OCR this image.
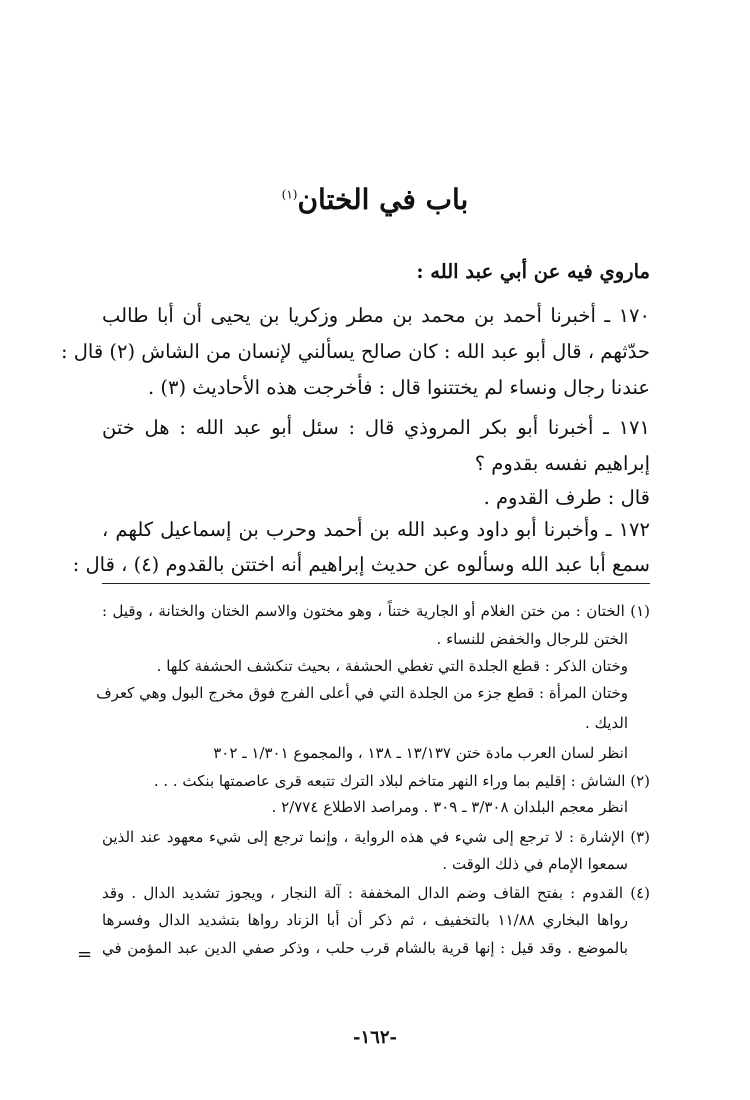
باب في الختان$^{(١)}$
ماروي فيه عن أبي عبد الله :
١٧٠ ـ أخبرنا أحمد بن محمد بن مطر وزكريا بن يحيى أن أبا طالب
حدّثهم ، قال أبو عبد الله : كان صالح يسألني لإنسان من الشاش (٢) قال :
عندنا رجال ونساء لم يختتنوا قال : فأخرجت هذه الأحاديث (٣) .
١٧١ ـ أخبرنا أبو بكر المروذي قال : سئل أبو عبد الله : هل ختن
إبراهيم نفسه بقدوم ؟
قال : طرف القدوم .
١٧٢ ـ وأخبرنا أبو داود وعبد الله بن أحمد وحرب بن إسماعيل كلهم ،
سمع أبا عبد الله وسألوه عن حديث إبراهيم أنه اختتن بالقدوم (٤) ، قال :
(١) الختان : من ختن الغلام أو الجارية ختناً ، وهو مختون والاسم الختان والختانة ، وقيل :
الختن للرجال والخفض للنساء .
وختان الذكر : قطع الجلدة التي تغطي الحشفة ، بحيث تنكشف الحشفة كلها .
وختان المرأة : قطع جزء من الجلدة التي في أعلى الفرج فوق مخرج البول وهي كعرف
الديك .
انظر لسان العرب مادة ختن ١٣/١٣٧ ـ ١٣٨ ، والمجموع ١/٣٠١ ـ ٣٠٢
(٢) الشاش : إقليم بما وراء النهر متاخم لبلاد الترك تتبعه قرى عاصمتها بنكث . . .
انظر معجم البلدان ٣/٣٠٨ ـ ٣٠٩ . ومراصد الاطلاع ٢/٧٧٤ .
(٣) الإشارة : لا ترجع إلى شيء في هذه الرواية ، وإنما ترجع إلى شيء معهود عند الذين
سمعوا الإمام في ذلك الوقت .
(٤) القدوم : بفتح القاف وضم الدال المخففة : آلة النجار ، ويجوز تشديد الدال . وقد
رواها البخاري ١١/٨٨ بالتخفيف ، ثم ذكر أن أبا الزناد رواها بتشديد الدال وفسرها
بالموضع . وقد قيل : إنها قرية بالشام قرب حلب ، وذكر صفي الدين عبد المؤمن في
=
-١٦٢-
